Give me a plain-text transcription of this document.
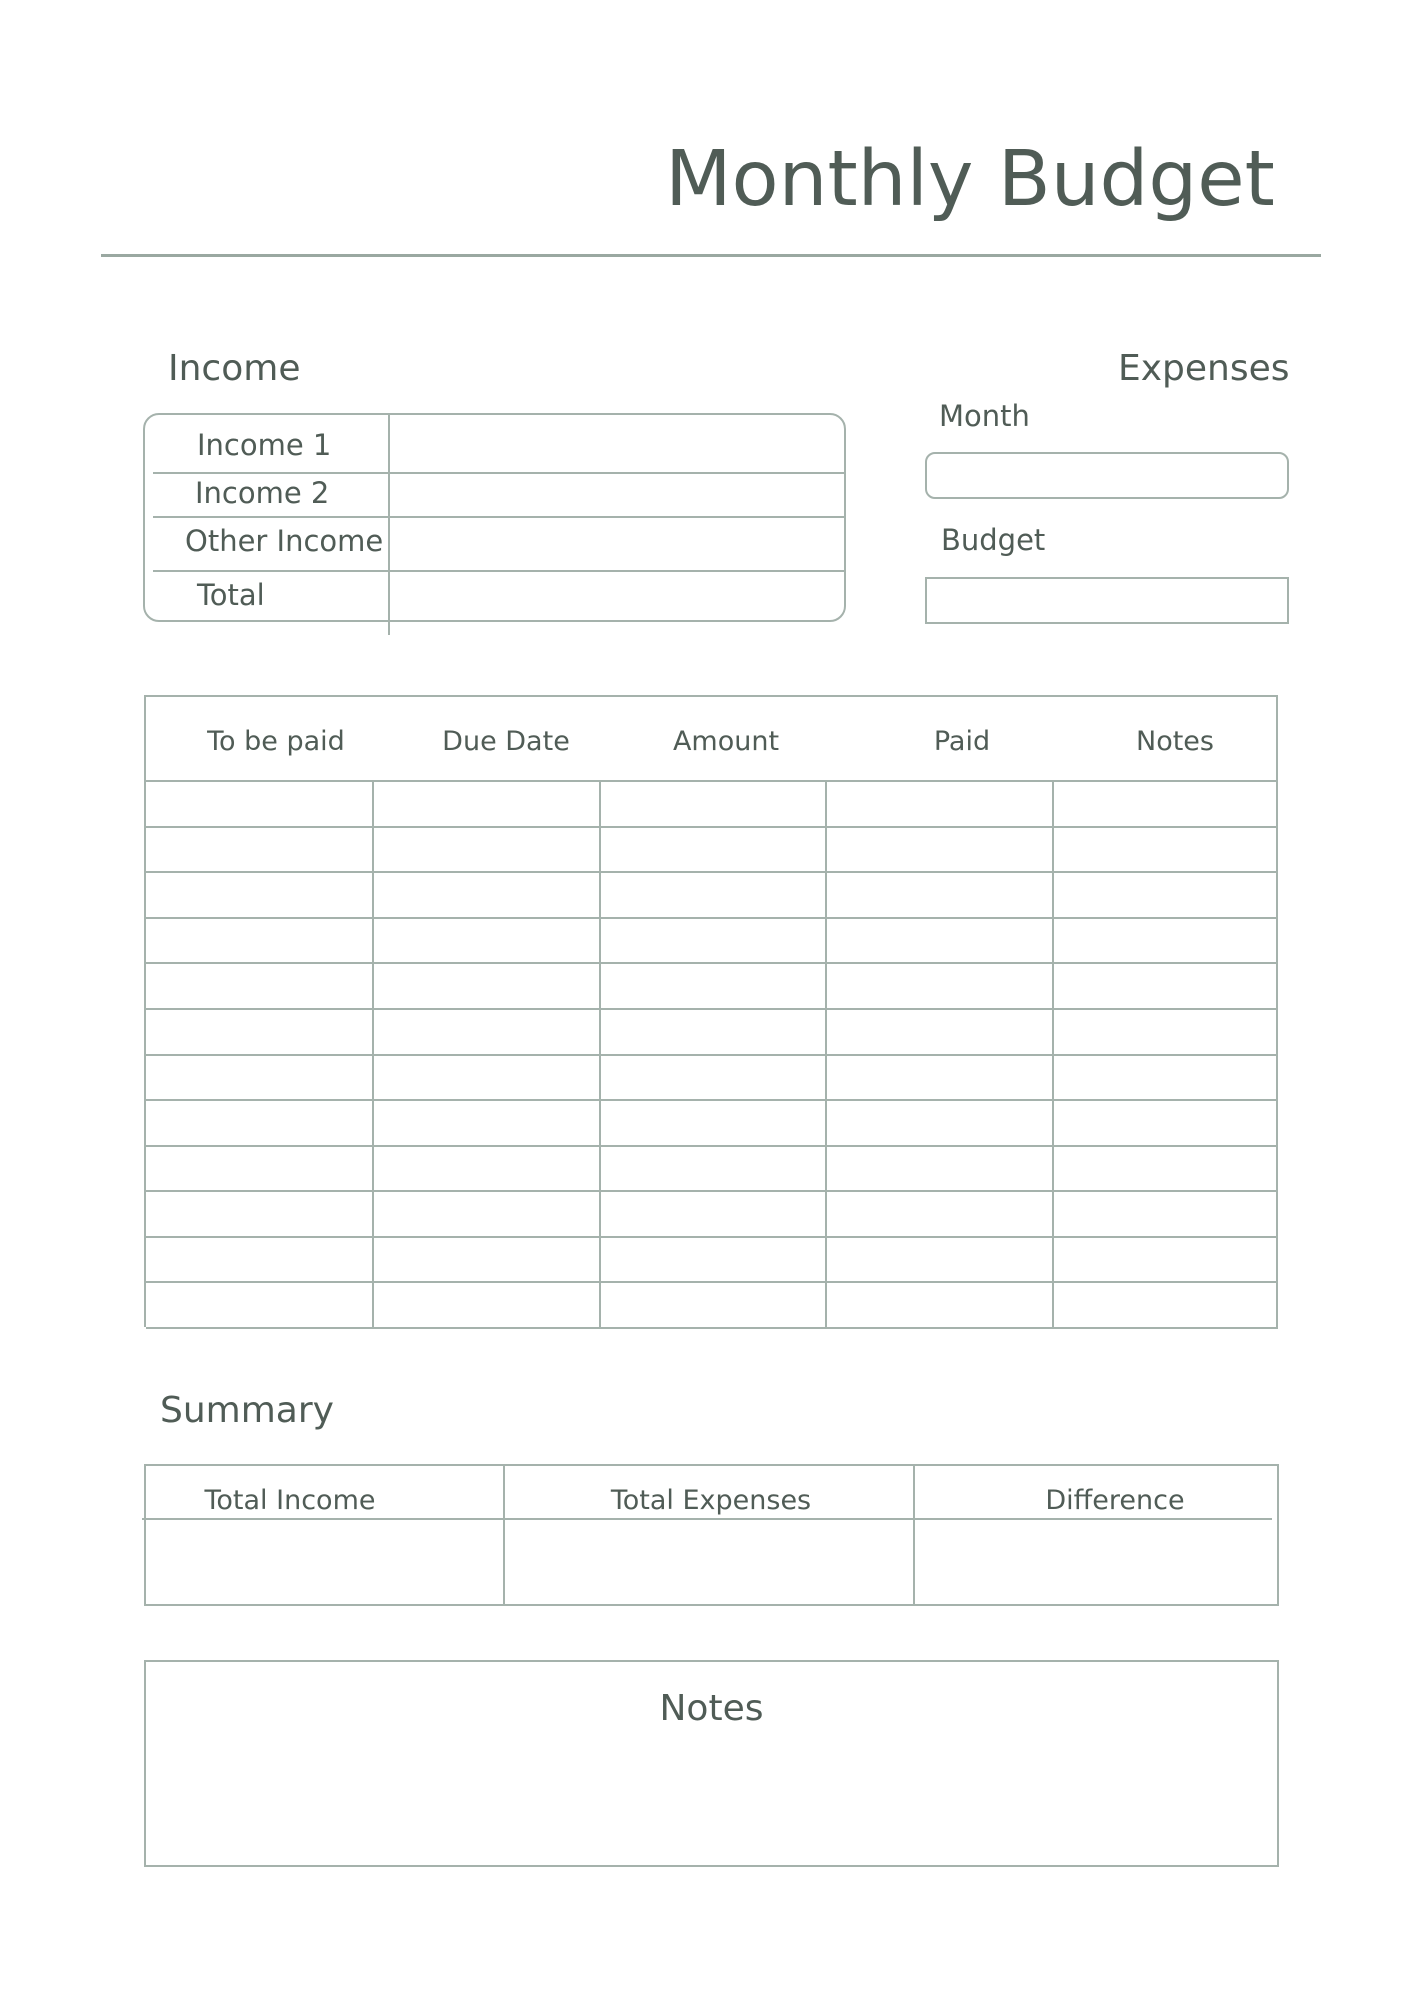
Monthly Budget
Income
Income 1
Income 2
Other Income
Total
Expenses
Month
Budget
To be paid	Due Date	Amount	Paid	Notes
Summary
Total Income	Total Expenses	Difference
Notes
